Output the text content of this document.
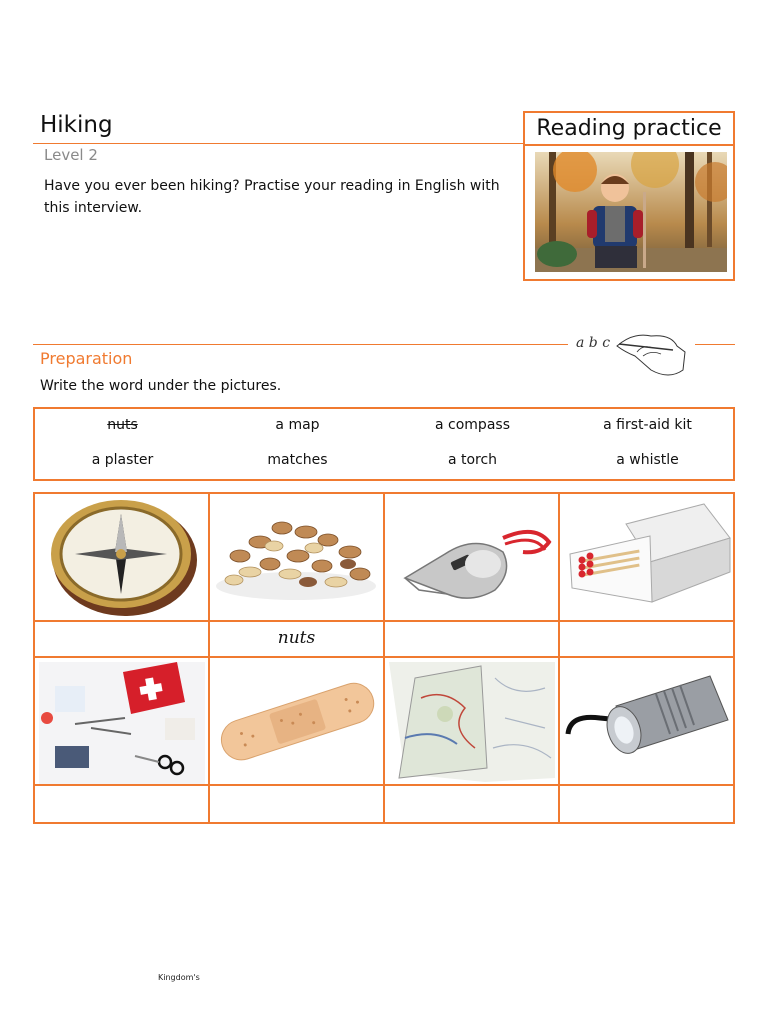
Hiking
Level 2
Have you ever been hiking? Practise your reading in English with this interview.
Reading practice
a b c
Preparation
Write the word under the pictures.
nuts	a map	a compass	a first-aid kit
a plaster	matches	a torch	a whistle
nuts
Kingdom's
